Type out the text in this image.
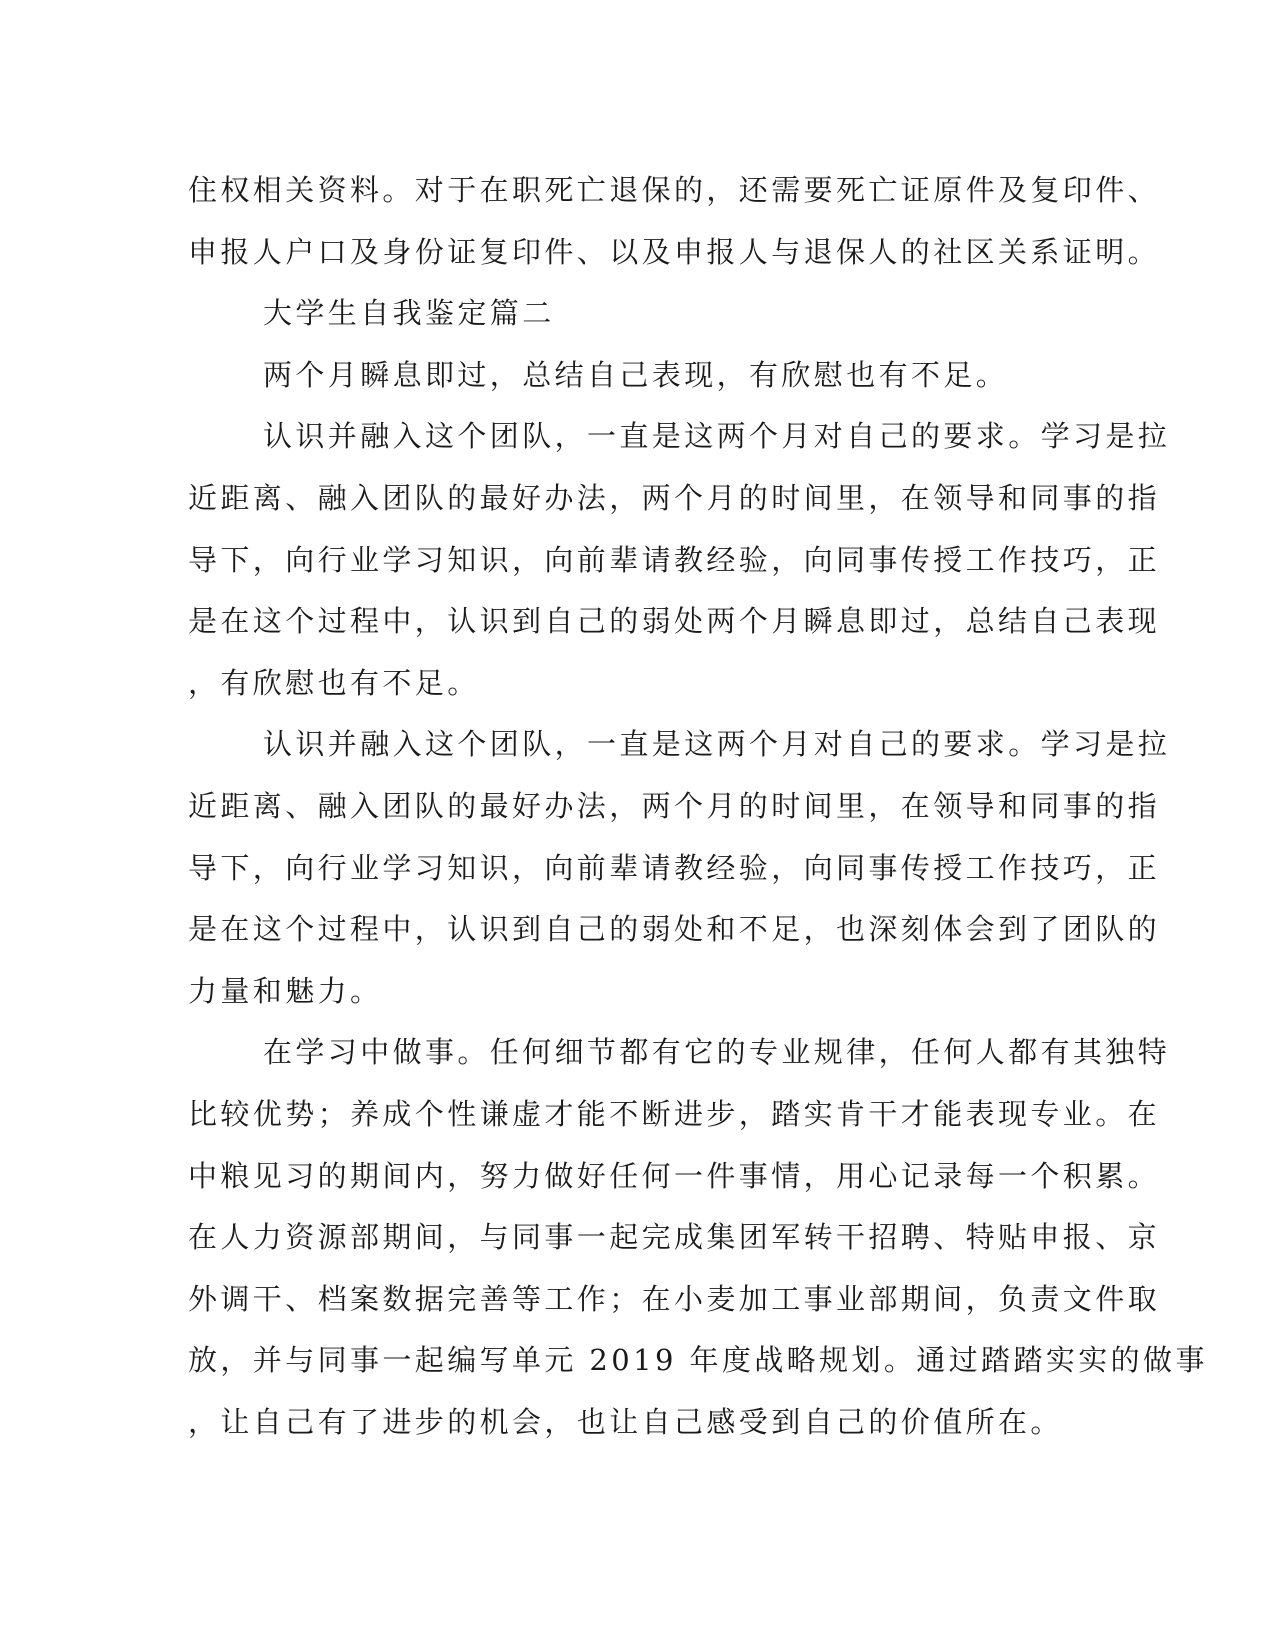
住权相关资料。对于在职死亡退保的，还需要死亡证原件及复印件、
申报人户口及身份证复印件、以及申报人与退保人的社区关系证明。
大学生自我鉴定篇二
两个月瞬息即过，总结自己表现，有欣慰也有不足。
认识并融入这个团队，一直是这两个月对自己的要求。学习是拉
近距离、融入团队的最好办法，两个月的时间里，在领导和同事的指
导下，向行业学习知识，向前辈请教经验，向同事传授工作技巧，正
是在这个过程中，认识到自己的弱处两个月瞬息即过，总结自己表现
，有欣慰也有不足。
认识并融入这个团队，一直是这两个月对自己的要求。学习是拉
近距离、融入团队的最好办法，两个月的时间里，在领导和同事的指
导下，向行业学习知识，向前辈请教经验，向同事传授工作技巧，正
是在这个过程中，认识到自己的弱处和不足，也深刻体会到了团队的
力量和魅力。
在学习中做事。任何细节都有它的专业规律，任何人都有其独特
比较优势；养成个性谦虚才能不断进步，踏实肯干才能表现专业。在
中粮见习的期间内，努力做好任何一件事情，用心记录每一个积累。
在人力资源部期间，与同事一起完成集团军转干招聘、特贴申报、京
外调干、档案数据完善等工作；在小麦加工事业部期间，负责文件取
放，并与同事一起编写单元 2019 年度战略规划。通过踏踏实实的做事
，让自己有了进步的机会，也让自己感受到自己的价值所在。
